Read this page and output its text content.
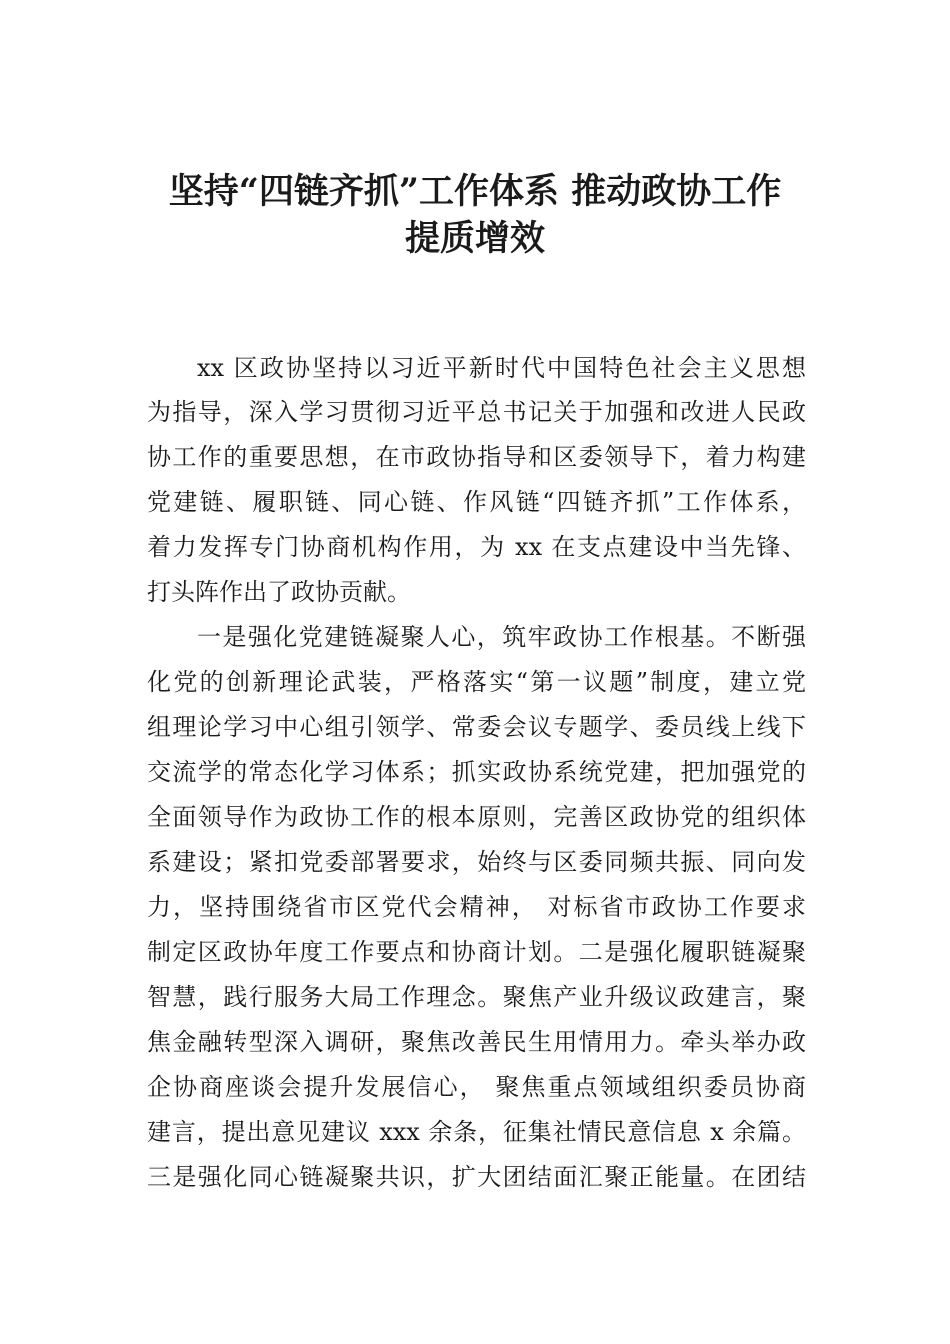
坚持“四链齐抓”工作体系 推动政协工作
提质增效
xx 区政协坚持以习近平新时代中国特色社会主义思想
为指导，深入学习贯彻习近平总书记关于加强和改进人民政
协工作的重要思想，在市政协指导和区委领导下，着力构建
党建链、履职链、同心链、作风链“四链齐抓”工作体系，
着力发挥专门协商机构作用，为 xx 在支点建设中当先锋、
打头阵作出了政协贡献。
一是强化党建链凝聚人心，筑牢政协工作根基。不断强
化党的创新理论武装，严格落实“第一议题”制度，建立党
组理论学习中心组引领学、常委会议专题学、委员线上线下
交流学的常态化学习体系；抓实政协系统党建，把加强党的
全面领导作为政协工作的根本原则，完善区政协党的组织体
系建设；紧扣党委部署要求，始终与区委同频共振、同向发
力，坚持围绕省市区党代会精神， 对标省市政协工作要求
制定区政协年度工作要点和协商计划。二是强化履职链凝聚
智慧，践行服务大局工作理念。聚焦产业升级议政建言，聚
焦金融转型深入调研，聚焦改善民生用情用力。牵头举办政
企协商座谈会提升发展信心， 聚焦重点领域组织委员协商
建言，提出意见建议 xxx 余条，征集社情民意信息 x 余篇。
三是强化同心链凝聚共识，扩大团结面汇聚正能量。在团结
